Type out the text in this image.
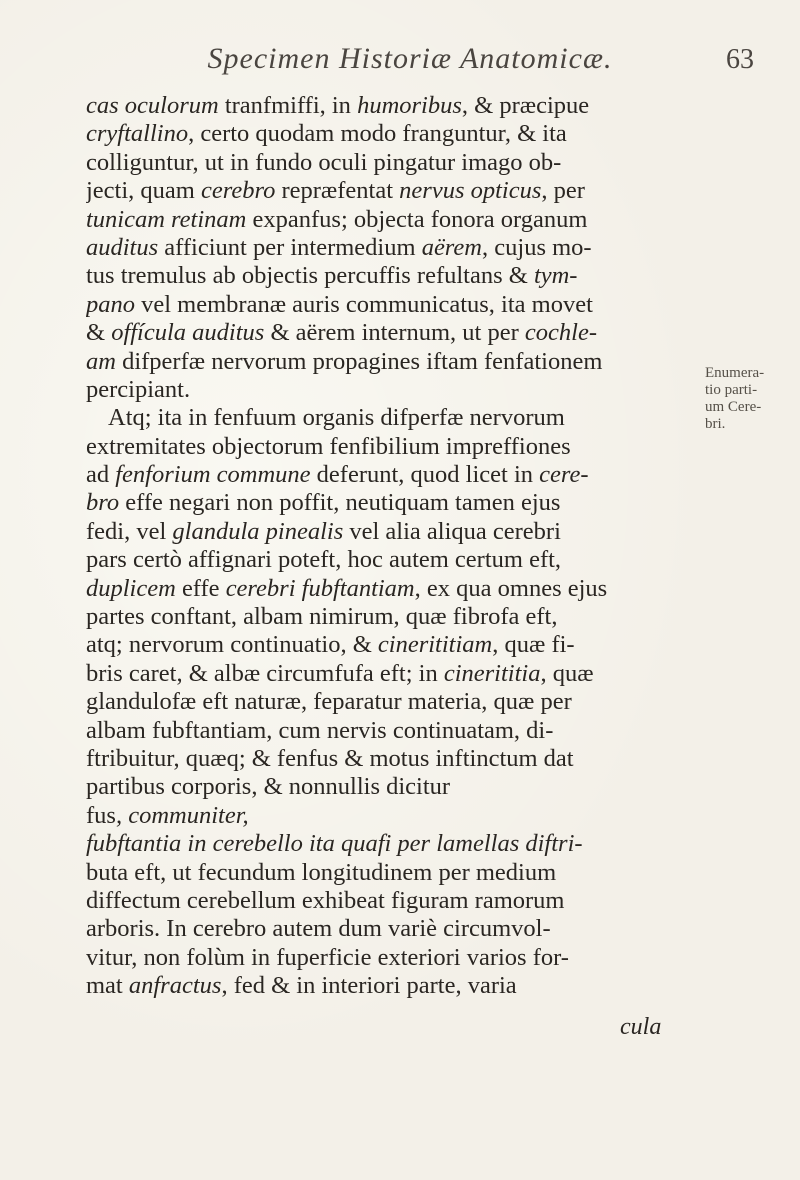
Specimen Historiæ Anatomicæ.	63
cas oculorum tranfmiffi, in humoribus, & præcipue
cryftallino, certo quodam modo franguntur, & ita
colliguntur, ut in fundo oculi pingatur imago ob-
jecti, quam cerebro repræfentat nervus opticus, per
tunicam retinam expanfus; objecta fonora organum
auditus afficiunt per intermedium aërem, cujus mo-
tus tremulus ab objectis percuffis refultans & tym-
pano vel membranæ auris communicatus, ita movet
& offícula auditus & aërem internum, ut per cochle-
am difperfæ nervorum propagines iftam fenfationem
percipiant.
Atq; ita in fenfuum organis difperfæ nervorum
extremitates objectorum fenfibilium impreffiones
ad fenforium commune deferunt, quod licet in cere-
bro effe negari non poffit, neutiquam tamen ejus
fedi, vel glandula pinealis vel alia aliqua cerebri
pars certò affignari poteft, hoc autem certum eft,
duplicem effe cerebri fubftantiam, ex qua omnes ejus
partes conftant, albam nimirum, quæ fibrofa eft,
atq; nervorum continuatio, & cinerititiam, quæ fi-
bris caret, & albæ circumfufa eft; in cinerititia, quæ
glandulofæ eft naturæ, feparatur materia, quæ per
albam fubftantiam, cum nervis continuatam, di-
ftribuitur, quæq; & fenfus & motus inftinctum dat
partibus corporis, & nonnullis dicitur
fus, communiter,
fubftantia in cerebello ita quafi per lamellas diftri-
buta eft, ut fecundum longitudinem per medium
diffectum cerebellum exhibeat figuram ramorum
arboris. In cerebro autem dum variè circumvol-
vitur, non folùm in fuperficie exteriori varios for-
mat anfractus, fed & in interiori parte, varia
cula
Enumera-
tio parti-
um Cere-
bri.
